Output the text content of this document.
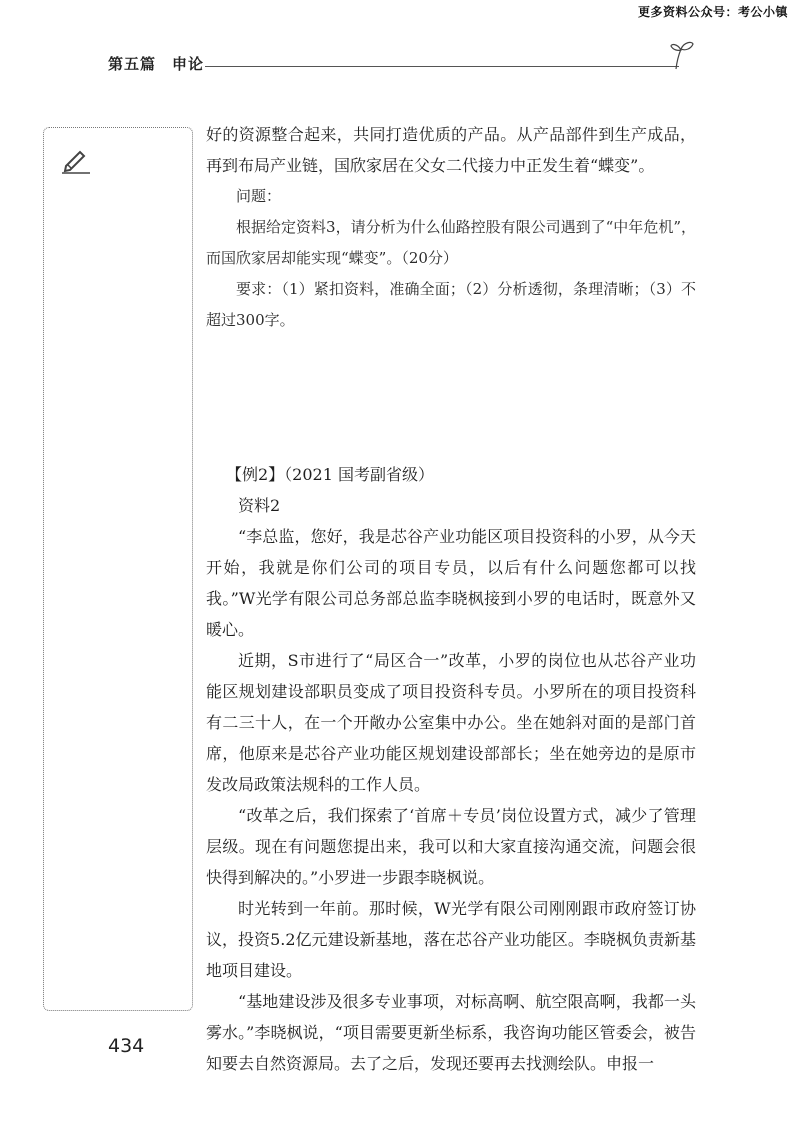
更多资料公众号：考公小镇
第五篇　申论

好的资源整合起来，共同打造优质的产品。从产品部件到生产成品，再到布局产业链，国欣家居在父女二代接力中正发生着“蝶变”。

问题：

根据给定资料3，请分析为什么仙路控股有限公司遇到了“中年危机”，而国欣家居却能实现“蝶变”。（20分）

要求：（1）紧扣资料，准确全面；（2）分析透彻，条理清晰；（3）不超过300字。

【例2】（2021 国考副省级）

资料2

“李总监，您好，我是芯谷产业功能区项目投资科的小罗，从今天开始，我就是你们公司的项目专员，以后有什么问题您都可以找我。”W光学有限公司总务部总监李晓枫接到小罗的电话时，既意外又暖心。

近期，S市进行了“局区合一”改革，小罗的岗位也从芯谷产业功能区规划建设部职员变成了项目投资科专员。小罗所在的项目投资科有二三十人，在一个开敞办公室集中办公。坐在她斜对面的是部门首席，他原来是芯谷产业功能区规划建设部部长；坐在她旁边的是原市发改局政策法规科的工作人员。

“改革之后，我们探索了‘首席＋专员’岗位设置方式，减少了管理层级。现在有问题您提出来，我可以和大家直接沟通交流，问题会很快得到解决的。”小罗进一步跟李晓枫说。

时光转到一年前。那时候，W光学有限公司刚刚跟市政府签订协议，投资5.2亿元建设新基地，落在芯谷产业功能区。李晓枫负责新基地项目建设。

“基地建设涉及很多专业事项，对标高啊、航空限高啊，我都一头雾水。”李晓枫说，“项目需要更新坐标系，我咨询功能区管委会，被告知要去自然资源局。去了之后，发现还要再去找测绘队。申报一

434
